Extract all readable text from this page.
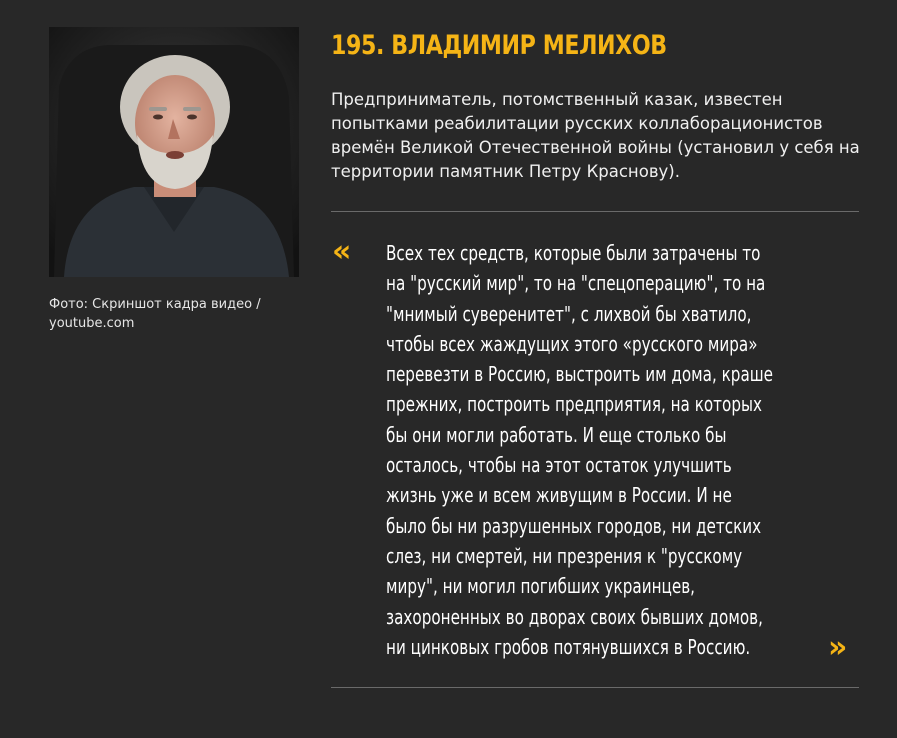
Фото: Скриншот кадра видео /
youtube.com
195. ВЛАДИМИР МЕЛИХОВ
Предприниматель, потомственный казак, известен попытками реабилитации русских коллаборационистов времён Великой Отечественной войны (установил у себя на территории памятник Петру Краснову).
« Всех тех средств, которые были затрачены то
на "русский мир", то на "спецоперацию", то на
"мнимый суверенитет", с лихвой бы хватило,
чтобы всех жаждущих этого «русского мира»
перевезти в Россию, выстроить им дома, краше
прежних, построить предприятия, на которых
бы они могли работать. И еще столько бы
осталось, чтобы на этот остаток улучшить
жизнь уже и всем живущим в России. И не
было бы ни разрушенных городов, ни детских
слез, ни смертей, ни презрения к "русскому
миру", ни могил погибших украинцев,
захороненных во дворах своих бывших домов,
ни цинковых гробов потянувшихся в Россию.	»
